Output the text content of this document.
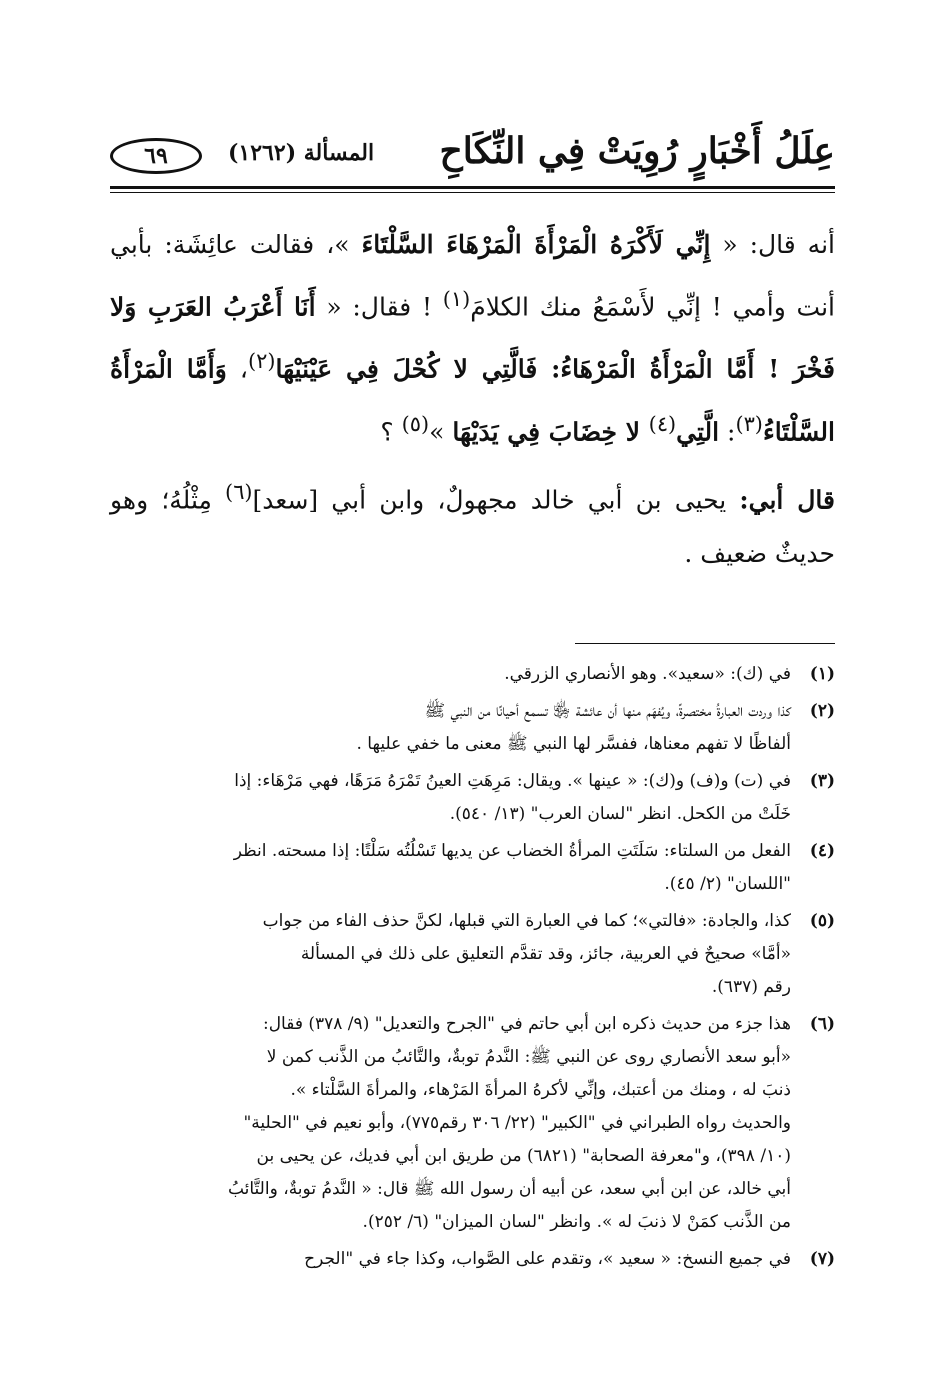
عِلَلُ أَخْبَارٍ رُوِيَتْ فِي النِّكَاحِ
المسألة (١٢٦٢)
٦٩

أنه قال: « إِنِّي لَأَكْرَهُ الْمَرْأَةَ الْمَرْهَاءَ السَّلْتَاءَ »، فقالت عائِشَة: بأبي أنت وأمي ! إنِّي لأَسْمَعُ منك الكلامَ$^{(١)}$ ! فقال: « أَنَا أَعْرَبُ العَرَبِ وَلا فَخْرَ ! أَمَّا الْمَرْأَةُ الْمَرْهَاءُ: فَالَّتِي لا كُحْلَ فِي عَيْنَيْهَا$^{(٢)}$، وَأَمَّا الْمَرْأَةُ السَّلْتَاءُ$^{(٣)}$: الَّتِي$^{(٤)}$ لا خِضَابَ فِي يَدَيْهَا »$^{(٥)}$ ؟

قال أبي: يحيى بن أبي خالد مجهولٌ، وابن أبي [سعد]$^{(٦)}$ مِثْلُهُ؛ وهو حديثٌ ضعيف .

(١)
في (ك): «سعيد». وهو الأنصاري الزرقي.
(٢)
كذا وردت العبارةُ مختصرةً، ويُفهَم منها أن عائشة ﵂ تسمع أحيانًا من النبي ﷺ
ألفاظًا لا تفهم معناها، ففسَّر لها النبي ﷺ معنى ما خفي عليها .
(٣)
في (ت) و(ف) و(ك): « عينها ». ويقال: مَرِهَتِ العينُ تَمْرَهُ مَرَهًا، فهي مَرْهَاء: إذا
خَلَتْ من الكحل. انظر "لسان العرب" (١٣/ ٥٤٠).
(٤)
الفعل من السلتاء: سَلَتَتِ المرأةُ الخضاب عن يديها تَسْلُتُه سَلْتًا: إذا مسحته. انظر
"اللسان" (٢/ ٤٥).
(٥)
كذا، والجادة: «فالتي»؛ كما في العبارة التي قبلها، لكنَّ حذف الفاء من جواب
«أمَّا» صحيحٌ في العربية، جائز، وقد تقدَّم التعليق على ذلك في المسألة
رقم (٦٣٧).
(٦)
هذا جزء من حديث ذكره ابن أبي حاتم في "الجرح والتعديل" (٩/ ٣٧٨) فقال:
«أبو سعد الأنصاري روى عن النبي ﷺ: النَّدمُ توبةٌ، والتَّائبُ من الذَّنب كمن لا
ذنبَ له ، ومنك من أعتبك، وإنِّي لأكرهُ المرأةَ المَرْهاء، والمرأةَ السَّلْتاء ».
والحديث رواه الطبراني في "الكبير" (٢٢/ ٣٠٦ رقم٧٧٥)، وأبو نعيم في "الحلية"
(١٠/ ٣٩٨)، و"معرفة الصحابة" (٦٨٢١) من طريق ابن أبي فديك، عن يحيى بن
أبي خالد، عن ابن أبي سعد، عن أبيه أن رسول الله ﷺ قال: « النَّدمُ توبةٌ، والتَّائبُ
من الذَّنب كمَنْ لا ذنبَ له ». وانظر "لسان الميزان" (٦/ ٢٥٢).
(٧)
في جميع النسخ: « سعيد »، وتقدم على الصَّواب، وكذا جاء في "الجرح
